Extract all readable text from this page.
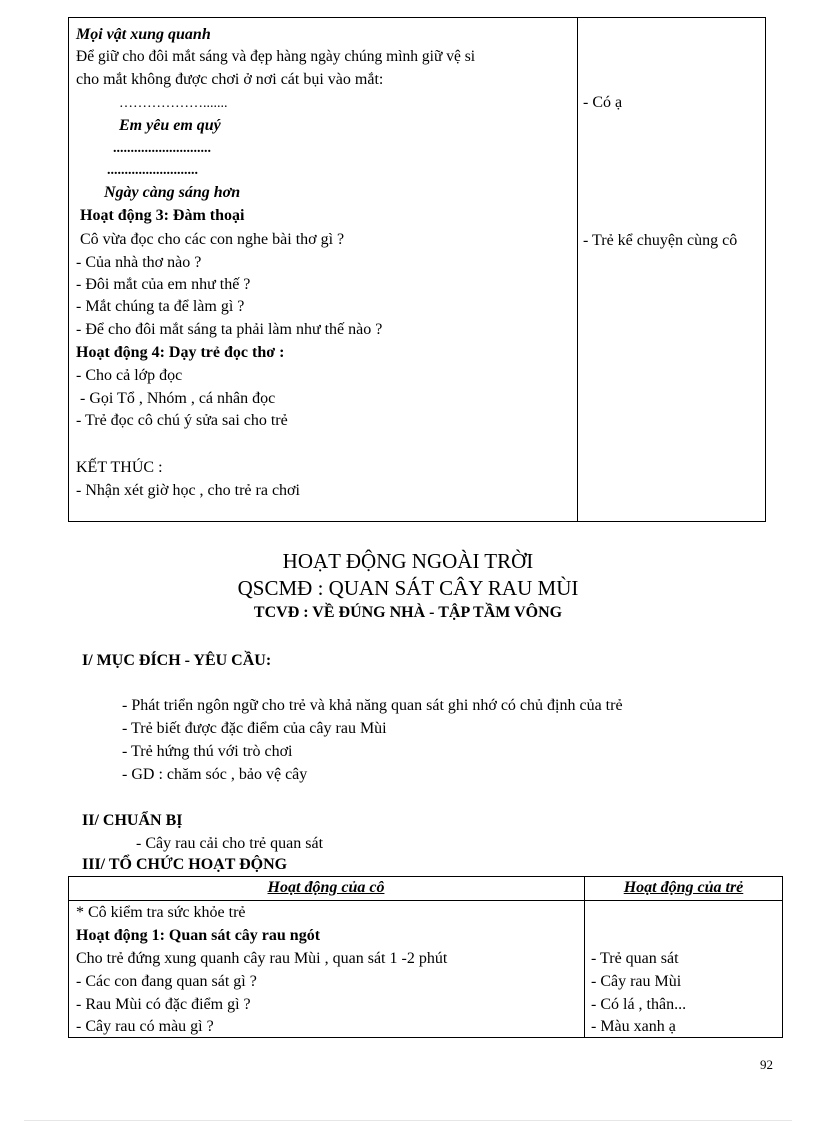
Mọi vật xung quanh
Để giữ cho đôi mắt sáng và đẹp hàng ngày chúng mình giữ vệ si
cho mắt không được chơi ở nơi cát bụi vào mắt:
……………….......
Em yêu em quý
............................
..........................
Ngày càng sáng hơn
Hoạt động 3: Đàm thoại
Cô vừa đọc cho các con nghe bài thơ gì ?
- Của nhà thơ nào ?
- Đôi mắt của em như thế ?
- Mắt chúng ta để làm gì ?
- Để cho đôi mắt sáng ta phải làm như thế nào ?
Hoạt động 4: Dạy trẻ đọc thơ :
- Cho cả lớp đọc
- Gọi Tổ , Nhóm , cá nhân đọc
- Trẻ đọc cô chú ý sửa sai cho trẻ
KẾT THÚC :
- Nhận xét giờ học , cho trẻ ra chơi
- Có ạ
- Trẻ kể chuyện cùng cô
HOẠT ĐỘNG NGOÀI TRỜI
QSCMĐ : QUAN SÁT CÂY RAU MÙI
TCVĐ : VỀ ĐÚNG NHÀ - TẬP TẦM VÔNG
I/ MỤC ĐÍCH - YÊU CẦU:
- Phát triển ngôn ngữ cho trẻ và khả năng quan sát ghi nhớ có chủ định của trẻ
- Trẻ biết được đặc điểm của cây rau Mùi
- Trẻ hứng thú với trò chơi
- GD : chăm sóc , bảo vệ cây
II/ CHUẨN BỊ
- Cây rau cải cho trẻ quan sát
III/ TỔ CHỨC HOẠT ĐỘNG
Hoạt động của cô	Hoạt động của trẻ
* Cô kiểm tra sức khỏe trẻ
Hoạt động 1: Quan sát cây rau ngót
Cho trẻ đứng xung quanh cây rau Mùi , quan sát 1 -2 phút
- Các con đang quan sát gì ?
- Rau Mùi có đặc điểm gì ?
- Cây rau có màu gì ?
- Trẻ quan sát
- Cây rau Mùi
- Có lá , thân...
- Màu xanh ạ
92
